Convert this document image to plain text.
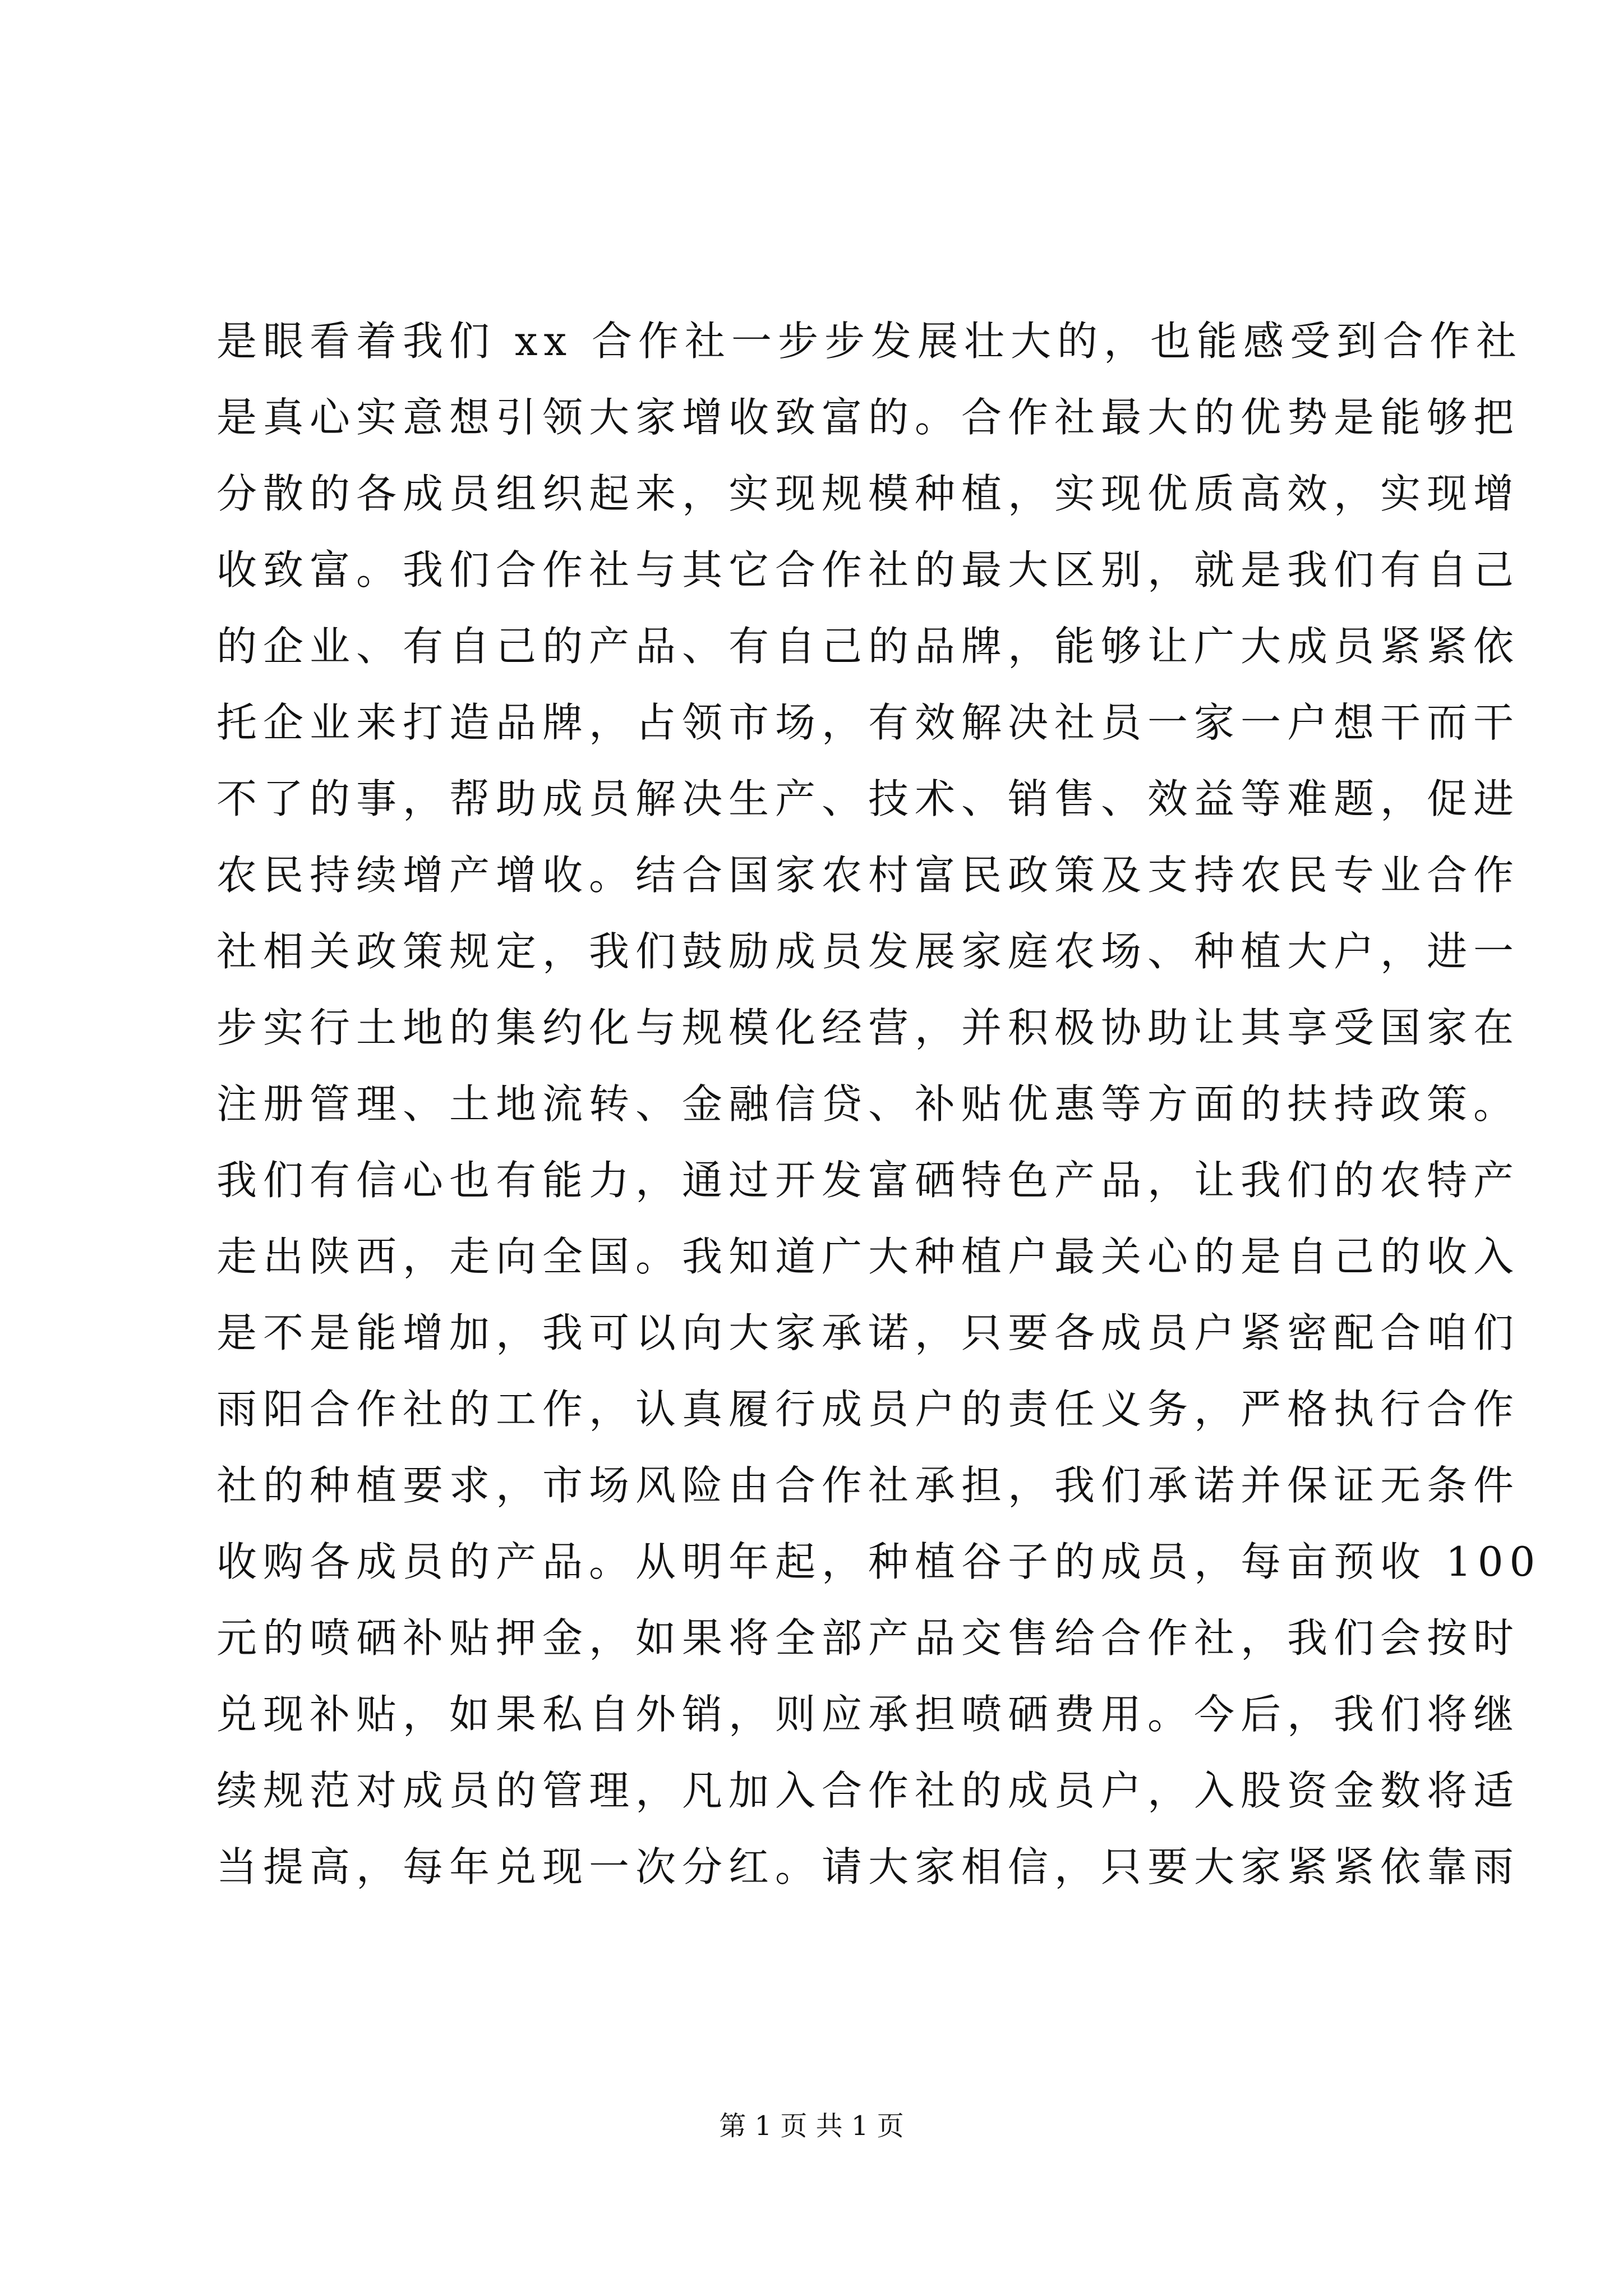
是眼看着我们 xx 合作社一步步发展壮大的，也能感受到合作社
是真心实意想引领大家增收致富的。合作社最大的优势是能够把
分散的各成员组织起来，实现规模种植，实现优质高效，实现增
收致富。我们合作社与其它合作社的最大区别，就是我们有自己
的企业、有自己的产品、有自己的品牌，能够让广大成员紧紧依
托企业来打造品牌，占领市场，有效解决社员一家一户想干而干
不了的事，帮助成员解决生产、技术、销售、效益等难题，促进
农民持续增产增收。结合国家农村富民政策及支持农民专业合作
社相关政策规定，我们鼓励成员发展家庭农场、种植大户，进一
步实行土地的集约化与规模化经营，并积极协助让其享受国家在
注册管理、土地流转、金融信贷、补贴优惠等方面的扶持政策。
我们有信心也有能力，通过开发富硒特色产品，让我们的农特产
走出陕西，走向全国。我知道广大种植户最关心的是自己的收入
是不是能增加，我可以向大家承诺，只要各成员户紧密配合咱们
雨阳合作社的工作，认真履行成员户的责任义务，严格执行合作
社的种植要求，市场风险由合作社承担，我们承诺并保证无条件
收购各成员的产品。从明年起，种植谷子的成员，每亩预收 100
元的喷硒补贴押金，如果将全部产品交售给合作社，我们会按时
兑现补贴，如果私自外销，则应承担喷硒费用。今后，我们将继
续规范对成员的管理，凡加入合作社的成员户，入股资金数将适
当提高，每年兑现一次分红。请大家相信，只要大家紧紧依靠雨
第 1 页 共 1 页
